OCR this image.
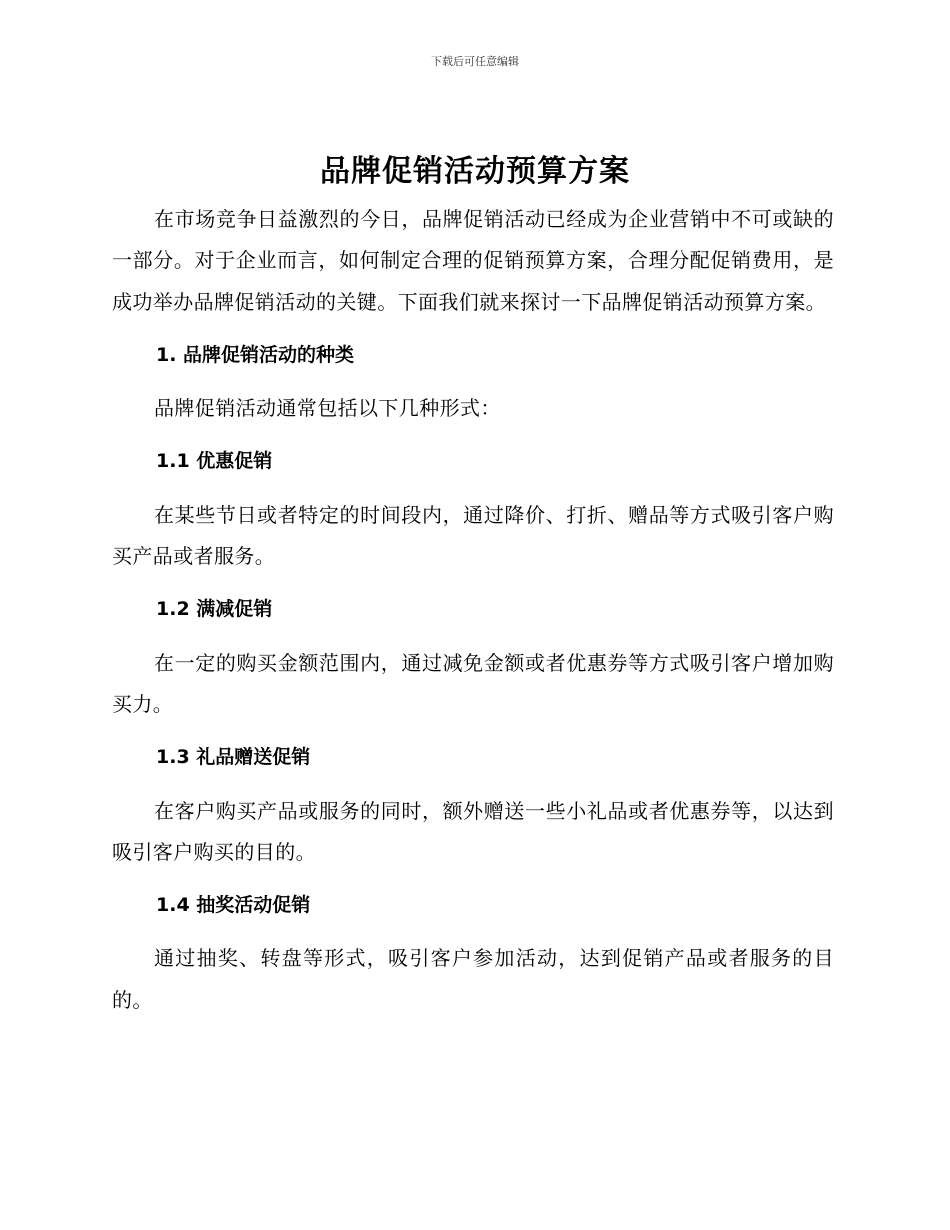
下载后可任意编辑
品牌促销活动预算方案

在市场竞争日益激烈的今日，品牌促销活动已经成为企业营销中不可或缺的一部分。对于企业而言，如何制定合理的促销预算方案，合理分配促销费用，是成功举办品牌促销活动的关键。下面我们就来探讨一下品牌促销活动预算方案。

1. 品牌促销活动的种类

品牌促销活动通常包括以下几种形式：

1.1 优惠促销

在某些节日或者特定的时间段内，通过降价、打折、赠品等方式吸引客户购买产品或者服务。

1.2 满减促销

在一定的购买金额范围内，通过减免金额或者优惠券等方式吸引客户增加购买力。

1.3 礼品赠送促销

在客户购买产品或服务的同时，额外赠送一些小礼品或者优惠券等，以达到吸引客户购买的目的。

1.4 抽奖活动促销

通过抽奖、转盘等形式，吸引客户参加活动，达到促销产品或者服务的目的。
